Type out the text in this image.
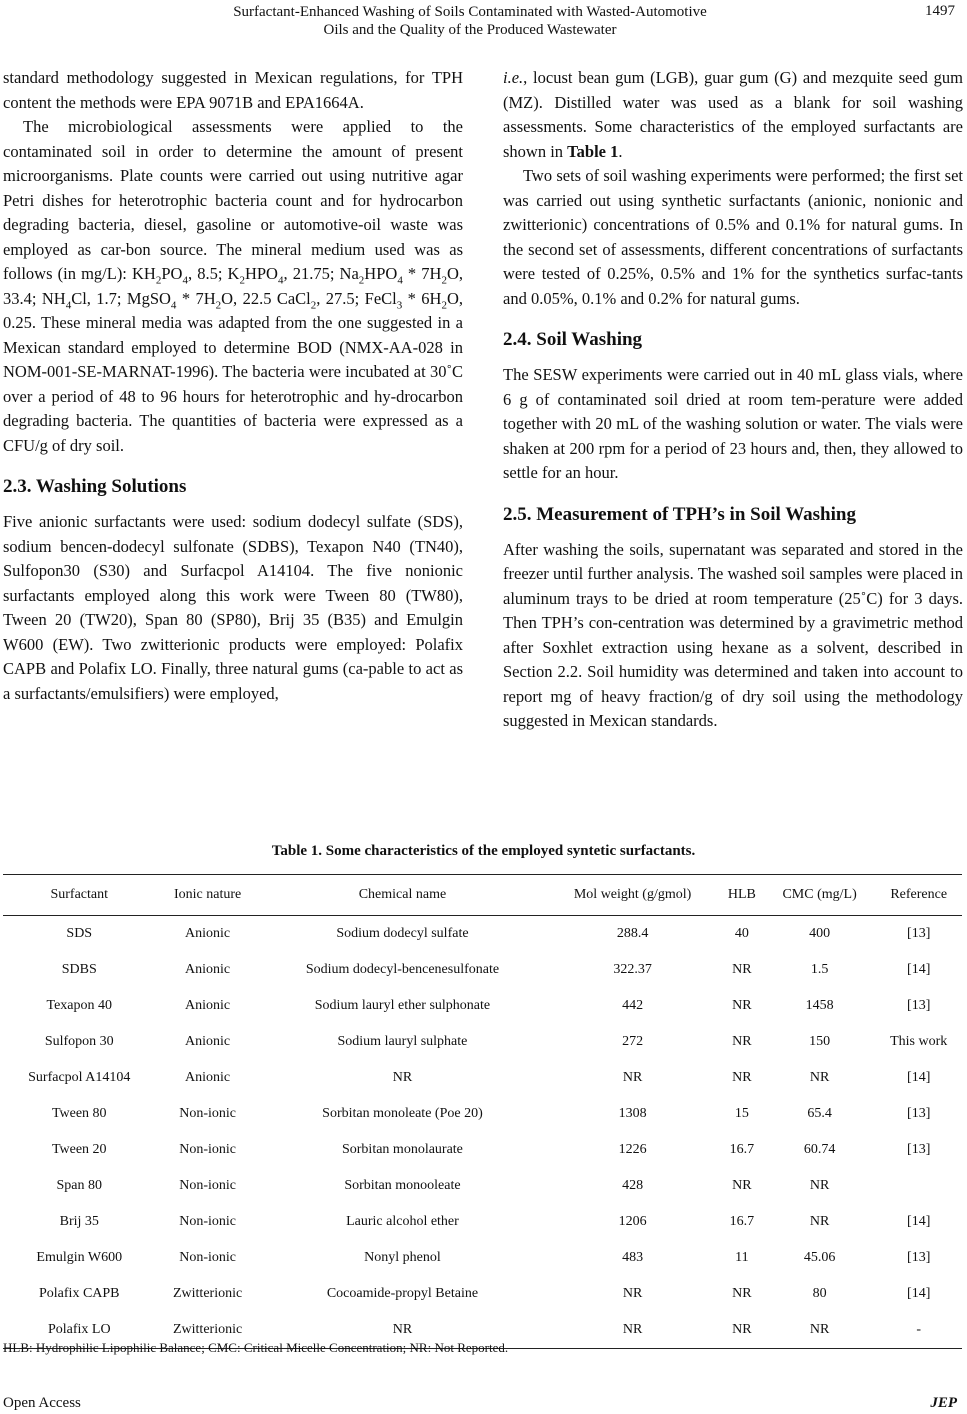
Surfactant-Enhanced Washing of Soils Contaminated with Wasted-Automotive
Oils and the Quality of the Produced Wastewater
1497

standard methodology suggested in Mexican regulations, for TPH content the methods were EPA 9071B and EPA1664A.

The microbiological assessments were applied to the contaminated soil in order to determine the amount of present microorganisms. Plate counts were carried out using nutritive agar Petri dishes for heterotrophic bacteria count and for hydrocarbon degrading bacteria, diesel, gasoline or automotive-oil waste was employed as car-bon source. The mineral medium used was as follows (in mg/L): $KH_2PO_4$, 8.5; $K_2HPO_4$, 21.75; $Na_2HPO_4 * 7H_2O$, 33.4; $NH_4Cl$, 1.7; MgSO$_4$ * $7H_2O$, 22.5 CaCl$_2$, 27.5; FeCl$_3$ * $6H_2O$, 0.25. These mineral media was adapted from the one suggested in a Mexican standard employed to determine BOD (NMX-AA-028 in NOM-001-SE-MARNAT-1996). The bacteria were incubated at 30˚C over a period of 48 to 96 hours for heterotrophic and hy-drocarbon degrading bacteria. The quantities of bacteria were expressed as a CFU/g of dry soil.

2.3. Washing Solutions

Five anionic surfactants were used: sodium dodecyl sulfate (SDS), sodium bencen-dodecyl sulfonate (SDBS), Texapon N40 (TN40), Sulfopon30 (S30) and Surfacpol A14104. The five nonionic surfactants employed along this work were Tween 80 (TW80), Tween 20 (TW20), Span 80 (SP80), Brij 35 (B35) and Emulgin W600 (EW). Two zwitterionic products were employed: Polafix CAPB and Polafix LO. Finally, three natural gums (ca-pable to act as a surfactants/emulsifiers) were employed,

i.e., locust bean gum (LGB), guar gum (G) and mezquite seed gum (MZ). Distilled water was used as a blank for soil washing assessments. Some characteristics of the employed surfactants are shown in Table 1.

Two sets of soil washing experiments were performed; the first set was carried out using synthetic surfactants (anionic, nonionic and zwitterionic) concentrations of 0.5% and 0.1% for natural gums. In the second set of assessments, different concentrations of surfactants were tested of 0.25%, 0.5% and 1% for the synthetics surfac-tants and 0.05%, 0.1% and 0.2% for natural gums.

2.4. Soil Washing

The SESW experiments were carried out in 40 mL glass vials, where 6 g of contaminated soil dried at room tem-perature were added together with 20 mL of the washing solution or water. The vials were shaken at 200 rpm for a period of 23 hours and, then, they allowed to settle for an hour.

2.5. Measurement of TPH’s in Soil Washing

After washing the soils, supernatant was separated and stored in the freezer until further analysis. The washed soil samples were placed in aluminum trays to be dried at room temperature (25˚C) for 3 days. Then TPH’s con-centration was determined by a gravimetric method after Soxhlet extraction using hexane as a solvent, described in Section 2.2. Soil humidity was determined and taken into account to report mg of heavy fraction/g of dry soil using the methodology suggested in Mexican standards.

Table 1. Some characteristics of the employed syntetic surfactants.
Surfactant	Ionic nature	Chemical name	Mol weight (g/gmol)	HLB	CMC (mg/L)	Reference
SDS	Anionic	Sodium dodecyl sulfate	288.4	40	400	[13]
SDBS	Anionic	Sodium dodecyl-bencenesulfonate	322.37	NR	1.5	[14]
Texapon 40	Anionic	Sodium lauryl ether sulphonate	442	NR	1458	[13]
Sulfopon 30	Anionic	Sodium lauryl sulphate	272	NR	150	This work
Surfacpol A14104	Anionic	NR	NR	NR	NR	[14]
Tween 80	Non-ionic	Sorbitan monoleate (Poe 20)	1308	15	65.4	[13]
Tween 20	Non-ionic	Sorbitan monolaurate	1226	16.7	60.74	[13]
Span 80	Non-ionic	Sorbitan monooleate	428	NR	NR	
Brij 35	Non-ionic	Lauric alcohol ether	1206	16.7	NR	[14]
Emulgin W600	Non-ionic	Nonyl phenol	483	11	45.06	[13]
Polafix CAPB	Zwitterionic	Cocoamide-propyl Betaine	NR	NR	80	[14]
Polafix LO	Zwitterionic	NR	NR	NR	NR	-
HLB: Hydrophilic Lipophilic Balance; CMC: Critical Micelle Concentration; NR: Not Reported.
Open Access	JEP
